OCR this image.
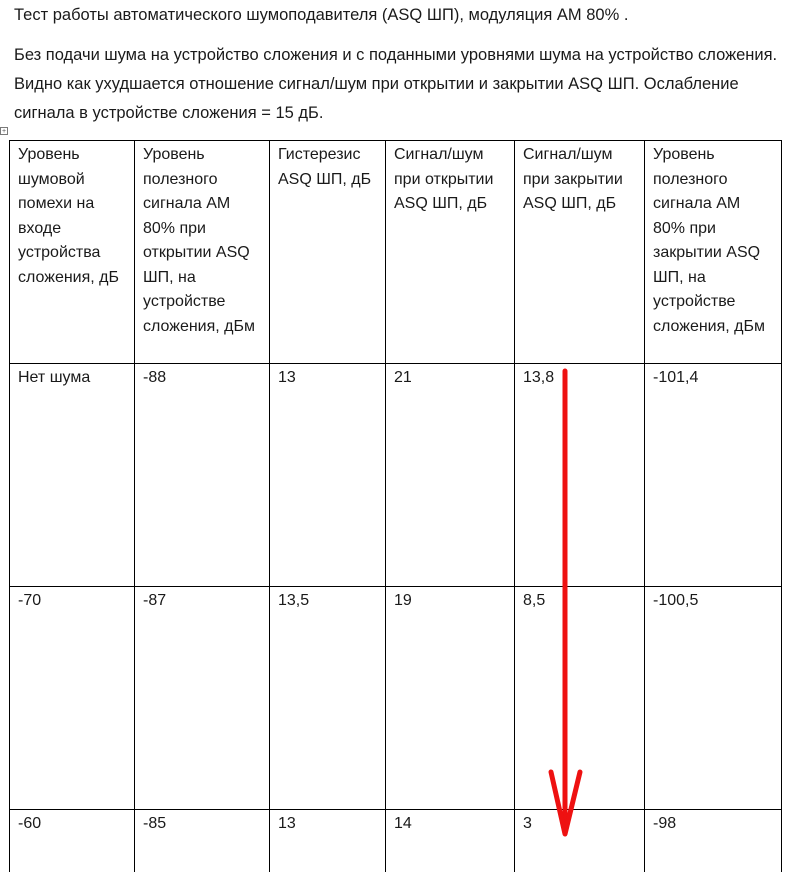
Тест работы автоматического шумоподавителя (ASQ ШП), модуляция АМ 80% .
Без подачи шума на устройство сложения и с поданными уровнями шума на устройство сложения. Видно как ухудшается отношение сигнал/шум при открытии и закрытии ASQ ШП. Ослабление сигнала в устройстве сложения = 15 дБ.
+
Уровень шумовой помехи на входе устройства сложения, дБ	Уровень полезного сигнала АМ 80% при открытии ASQ ШП, на устройстве сложения, дБм	Гистерезис ASQ ШП, дБ	Сигнал/шум при открытии ASQ ШП, дБ	Сигнал/шум при закрытии ASQ ШП, дБ	Уровень полезного сигнала АМ 80% при закрытии ASQ ШП, на устройстве сложения, дБм
Нет шума	-88	13	21	13,8	-101,4
-70	-87	13,5	19	8,5	-100,5
-60	-85	13	14	3	-98
